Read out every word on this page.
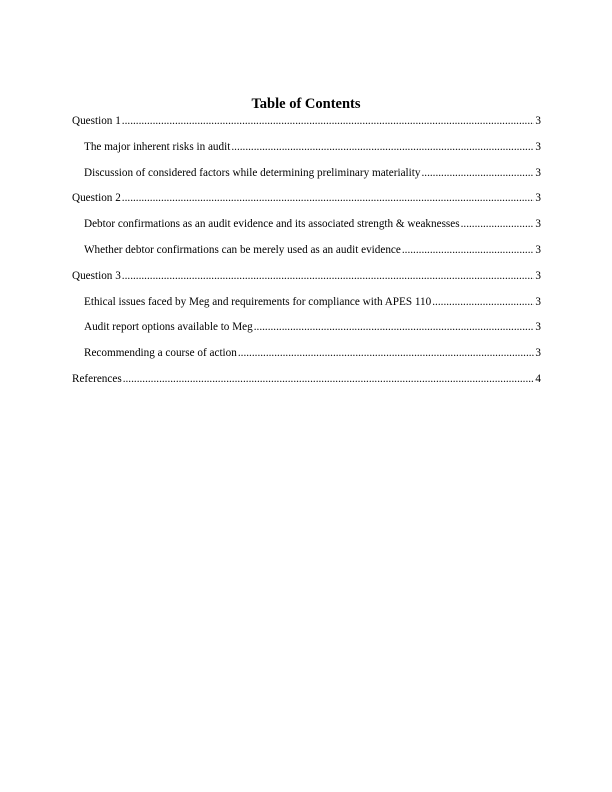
Table of Contents
Question 1 .....	3
The major inherent risks in audit .....	3
Discussion of considered factors while determining preliminary materiality .....	3
Question 2 .....	3
Debtor confirmations as an audit evidence and its associated strength & weaknesses .....	3
Whether debtor confirmations can be merely used as an audit evidence .....	3
Question 3 .....	3
Ethical issues faced by Meg and requirements for compliance with APES 110 .....	3
Audit report options available to Meg .....	3
Recommending a course of action .....	3
References .....	4
